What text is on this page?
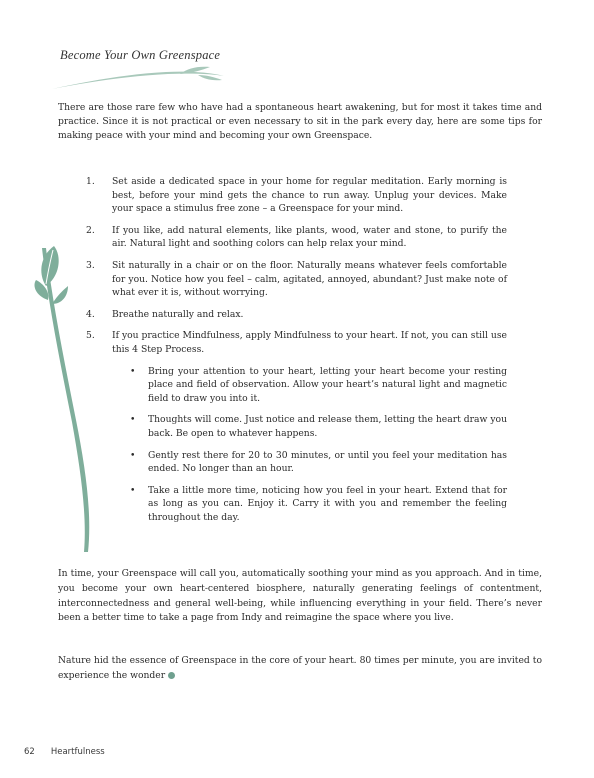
Become Your Own Greenspace

There are those rare few who have had a spontaneous heart awakening, but for most it takes time and practice. Since it is not practical or even necessary to sit in the park every day, here are some tips for making peace with your mind and becoming your own Greenspace.

1. Set aside a dedicated space in your home for regular meditation. Early morning is best, before your mind gets the chance to run away. Unplug your devices. Make your space a stimulus free zone – a Greenspace for your mind.
2. If you like, add natural elements, like plants, wood, water and stone, to purify the air. Natural light and soothing colors can help relax your mind.
3. Sit naturally in a chair or on the floor. Naturally means whatever feels comfortable for you. Notice how you feel – calm, agitated, annoyed, abundant? Just make note of what ever it is, without worrying.
4. Breathe naturally and relax.
5. If you practice Mindfulness, apply Mindfulness to your heart. If not, you can still use this 4 Step Process.
• Bring your attention to your heart, letting your heart become your resting place and field of observation. Allow your heart’s natural light and magnetic field to draw you into it.
• Thoughts will come. Just notice and release them, letting the heart draw you back. Be open to whatever happens.
• Gently rest there for 20 to 30 minutes, or until you feel your meditation has ended. No longer than an hour.
• Take a little more time, noticing how you feel in your heart. Extend that for as long as you can. Enjoy it. Carry it with you and remember the feeling throughout the day.

In time, your Greenspace will call you, automatically soothing your mind as you approach. And in time, you become your own heart-centered biosphere, naturally generating feelings of contentment, interconnectedness and general well-being, while influencing everything in your field. There’s never been a better time to take a page from Indy and reimagine the space where you live.

Nature hid the essence of Greenspace in the core of your heart. 80 times per minute, you are invited to experience the wonder

62 Heartfulness
